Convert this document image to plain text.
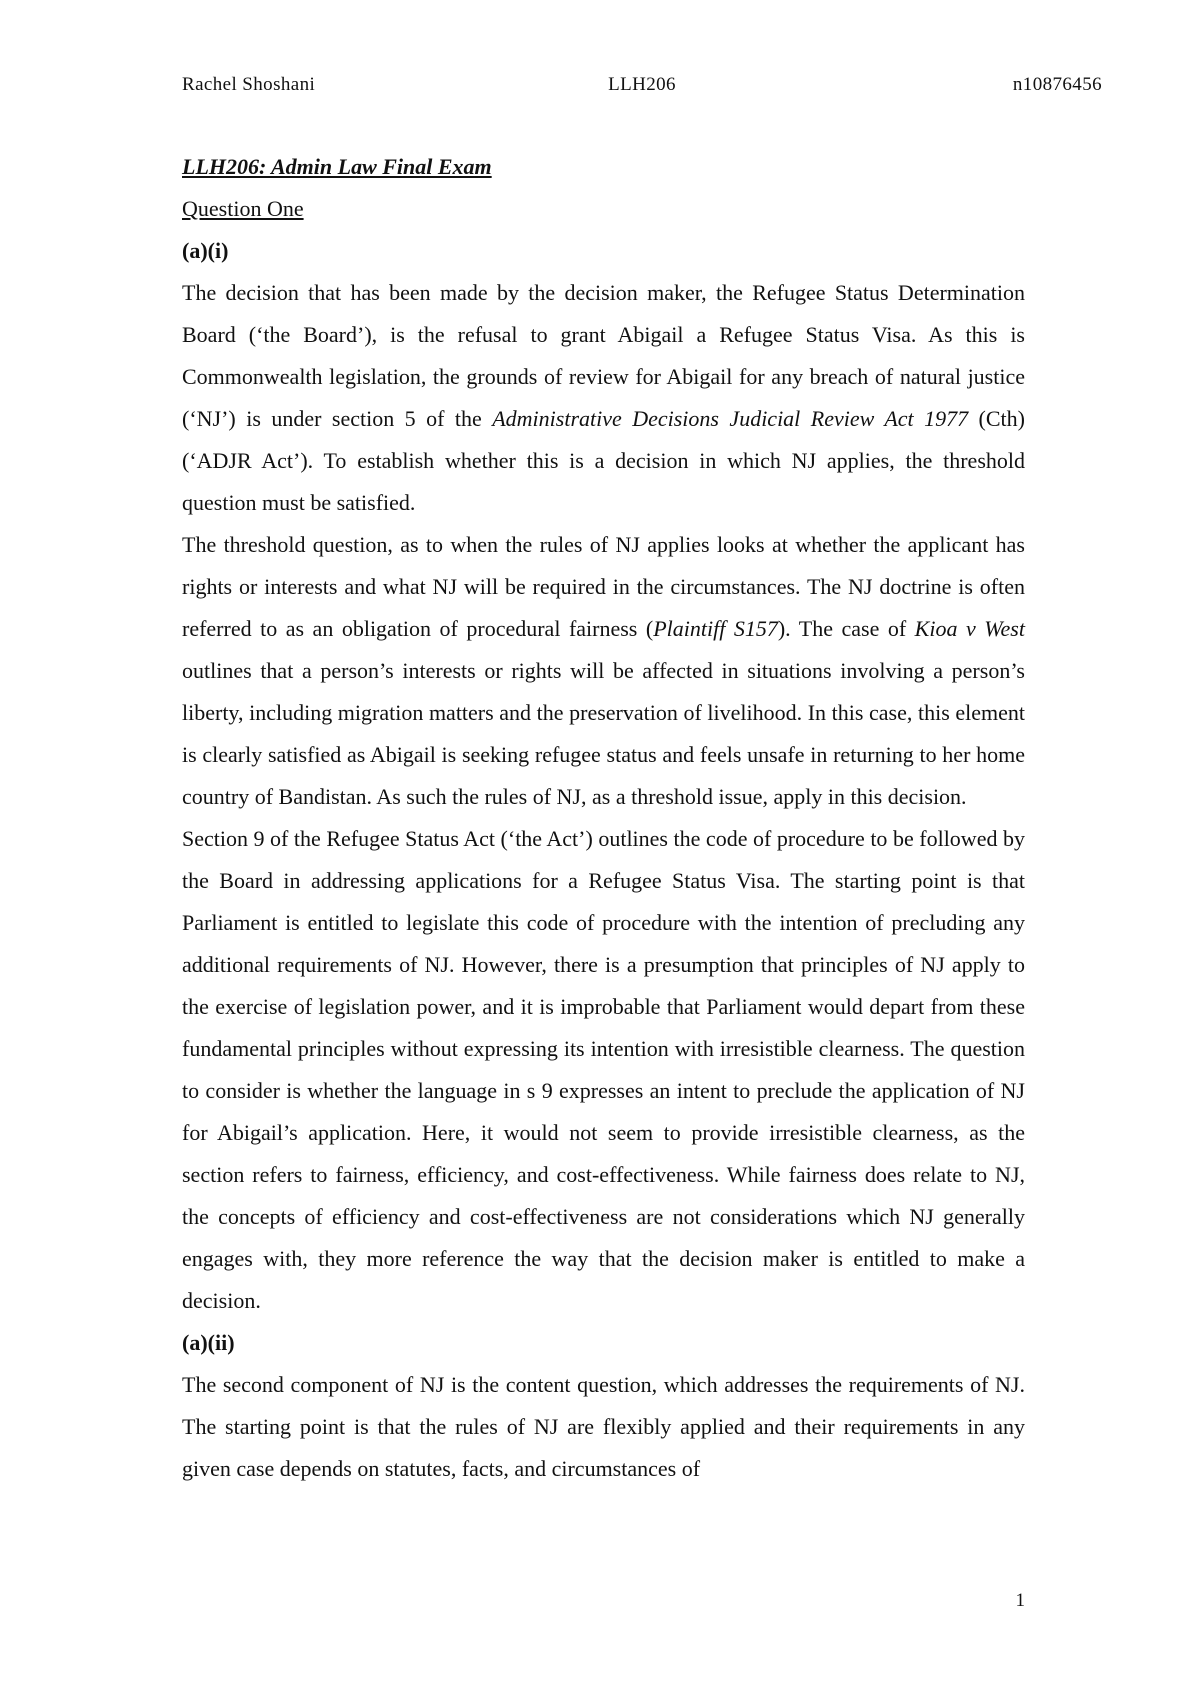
Rachel Shoshani	LLH206	n10876456

LLH206: Admin Law Final Exam

Question One

(a)(i)

The decision that has been made by the decision maker, the Refugee Status Determination Board (‘the Board’), is the refusal to grant Abigail a Refugee Status Visa. As this is Commonwealth legislation, the grounds of review for Abigail for any breach of natural justice (‘NJ’) is under section 5 of the Administrative Decisions Judicial Review Act 1977 (Cth) (‘ADJR Act’). To establish whether this is a decision in which NJ applies, the threshold question must be satisfied.

The threshold question, as to when the rules of NJ applies looks at whether the applicant has rights or interests and what NJ will be required in the circumstances. The NJ doctrine is often referred to as an obligation of procedural fairness (Plaintiff S157). The case of Kioa v West outlines that a person’s interests or rights will be affected in situations involving a person’s liberty, including migration matters and the preservation of livelihood. In this case, this element is clearly satisfied as Abigail is seeking refugee status and feels unsafe in returning to her home country of Bandistan. As such the rules of NJ, as a threshold issue, apply in this decision.

Section 9 of the Refugee Status Act (‘the Act’) outlines the code of procedure to be followed by the Board in addressing applications for a Refugee Status Visa. The starting point is that Parliament is entitled to legislate this code of procedure with the intention of precluding any additional requirements of NJ. However, there is a presumption that principles of NJ apply to the exercise of legislation power, and it is improbable that Parliament would depart from these fundamental principles without expressing its intention with irresistible clearness. The question to consider is whether the language in s 9 expresses an intent to preclude the application of NJ for Abigail’s application. Here, it would not seem to provide irresistible clearness, as the section refers to fairness, efficiency, and cost-effectiveness. While fairness does relate to NJ, the concepts of efficiency and cost-effectiveness are not considerations which NJ generally engages with, they more reference the way that the decision maker is entitled to make a decision.

(a)(ii)

The second component of NJ is the content question, which addresses the requirements of NJ. The starting point is that the rules of NJ are flexibly applied and their requirements in any given case depends on statutes, facts, and circumstances of

1
